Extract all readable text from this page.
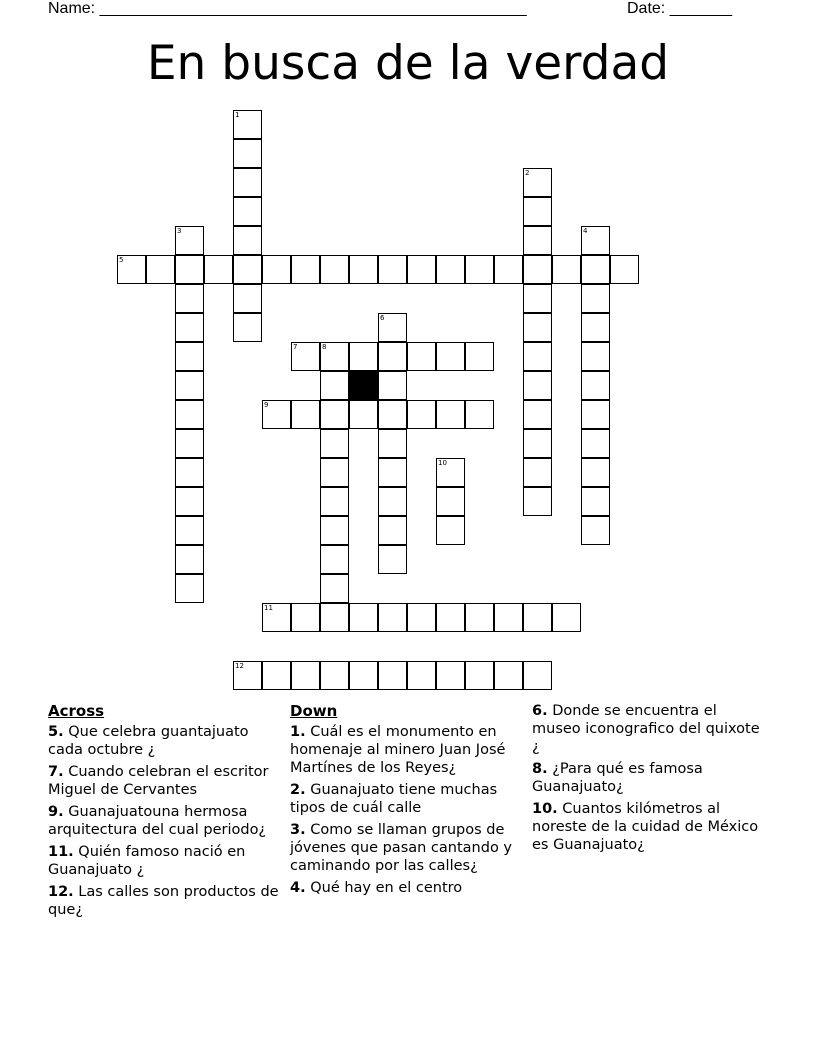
Name: ________________________________________________	Date: _______
En busca de la verdad
5
7	8
9
11
12
1
2
3	4
6
10
Across
5. Que celebra guantajuato cada octubre ¿
7. Cuando celebran el escritor Miguel de Cervantes
9. Guanajuatouna hermosa arquitectura del cual periodo¿
11. Quién famoso nació en Guanajuato ¿
12. Las calles son productos de que¿
Down
1. Cuál es el monumento en homenaje al minero Juan José Martínes de los Reyes¿
2. Guanajuato tiene muchas tipos de cuál calle
3. Como se llaman grupos de jóvenes que pasan cantando y caminando por las calles¿
4. Qué hay en el centro
6. Donde se encuentra el museo iconografico del quixote ¿
8. ¿Para qué es famosa Guanajuato¿
10. Cuantos kilómetros al noreste de la cuidad de México es Guanajuato¿
